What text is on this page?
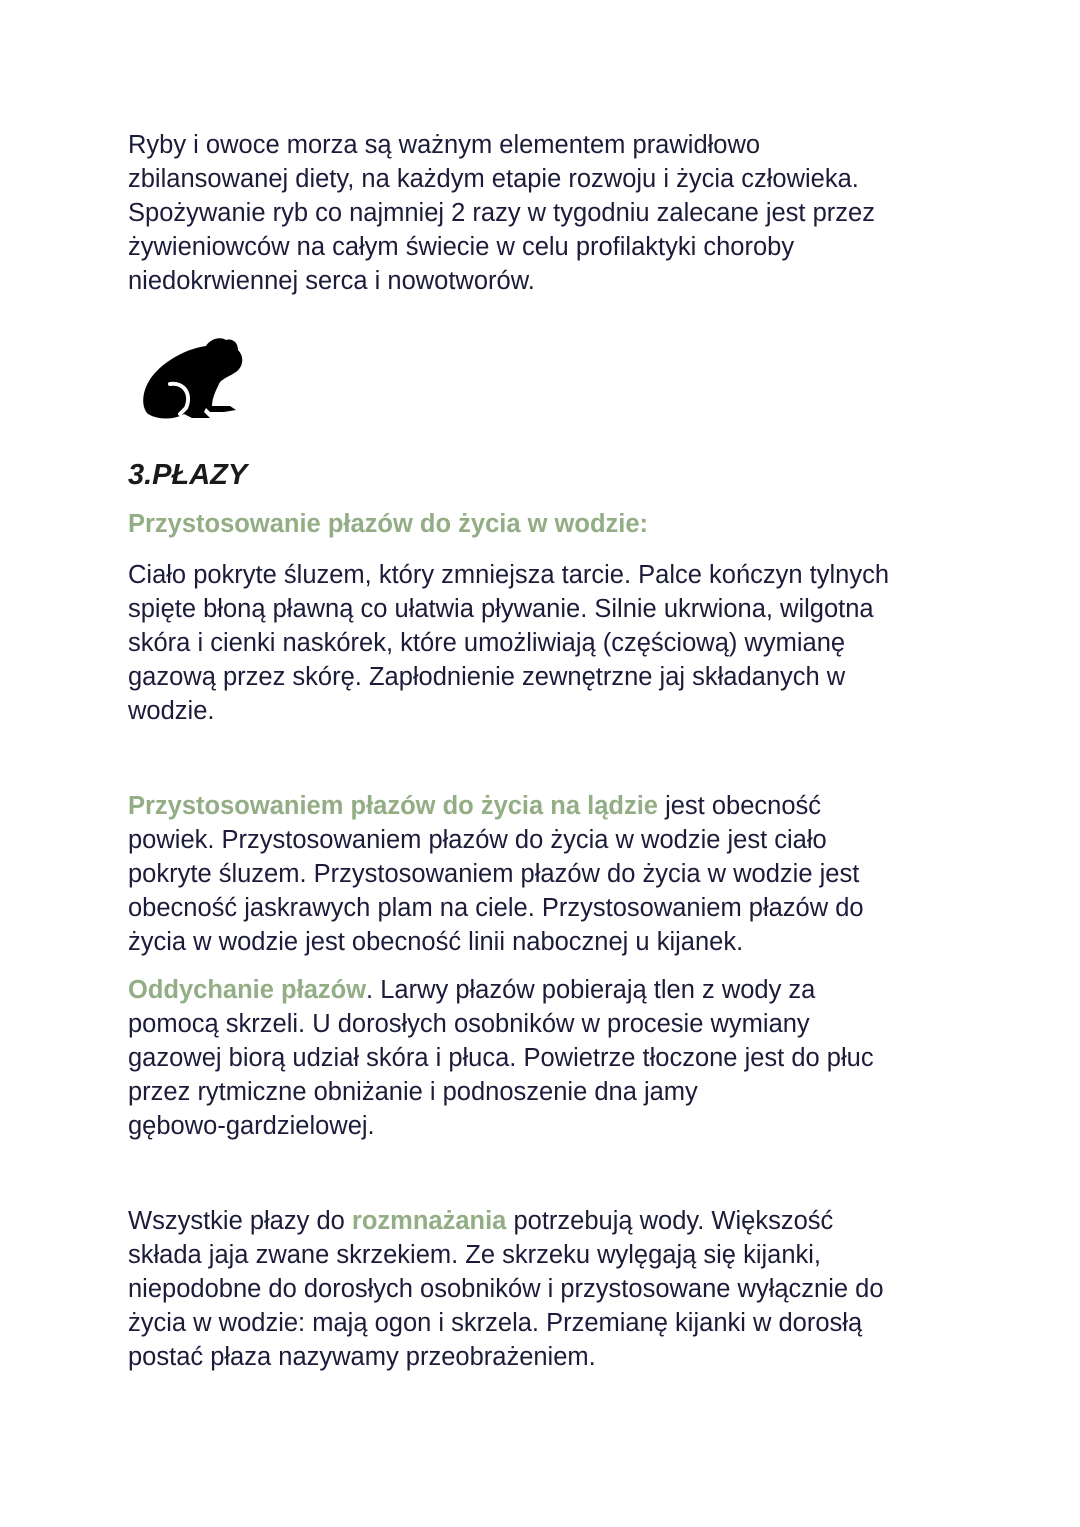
Ryby i owoce morza są ważnym elementem prawidłowo
zbilansowanej diety, na każdym etapie rozwoju i życia człowieka.
Spożywanie ryb co najmniej 2 razy w tygodniu zalecane jest przez
żywieniowców na całym świecie w celu profilaktyki choroby
niedokrwiennej serca i nowotworów.
3.PŁAZY
Przystosowanie płazów do życia w wodzie:
Ciało pokryte śluzem, który zmniejsza tarcie. Palce kończyn tylnych
spięte błoną pławną co ułatwia pływanie. Silnie ukrwiona, wilgotna
skóra i cienki naskórek, które umożliwiają (częściową) wymianę
gazową przez skórę. Zapłodnienie zewnętrzne jaj składanych w
wodzie.
Przystosowaniem płazów do życia na lądzie jest obecność
powiek. Przystosowaniem płazów do życia w wodzie jest ciało
pokryte śluzem. Przystosowaniem płazów do życia w wodzie jest
obecność jaskrawych plam na ciele. Przystosowaniem płazów do
życia w wodzie jest obecność linii nabocznej u kijanek.
Oddychanie płazów. Larwy płazów pobierają tlen z wody za
pomocą skrzeli. U dorosłych osobników w procesie wymiany
gazowej biorą udział skóra i płuca. Powietrze tłoczone jest do płuc
przez rytmiczne obniżanie i podnoszenie dna jamy
gębowo-gardzielowej.
Wszystkie płazy do rozmnażania potrzebują wody. Większość
składa jaja zwane skrzekiem. Ze skrzeku wylęgają się kijanki,
niepodobne do dorosłych osobników i przystosowane wyłącznie do
życia w wodzie: mają ogon i skrzela. Przemianę kijanki w dorosłą
postać płaza nazywamy przeobrażeniem.
